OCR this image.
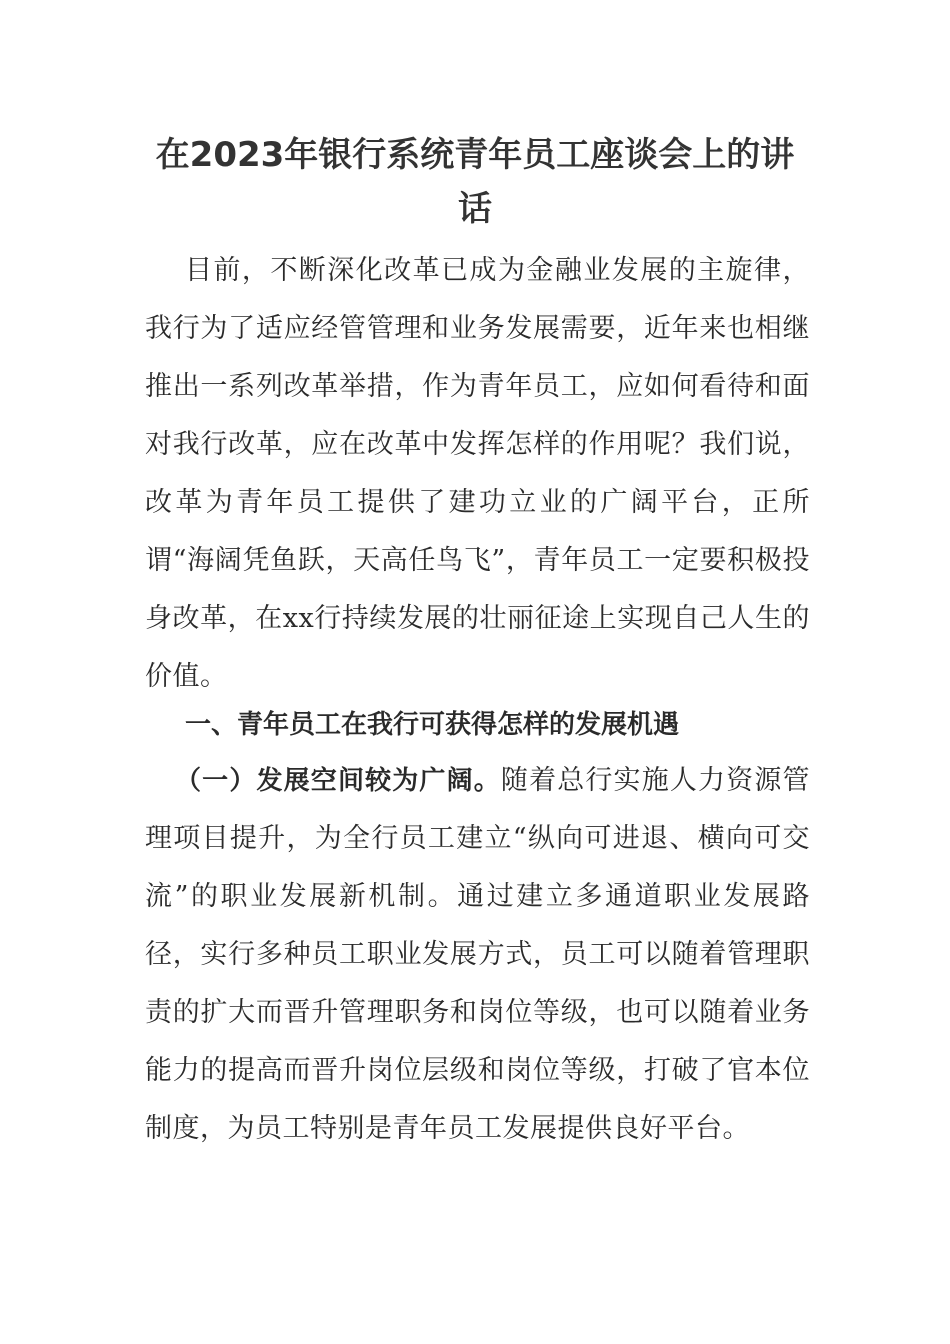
在2023年银行系统青年员工座谈会上的讲话

目前，不断深化改革已成为金融业发展的主旋律，我行为了适应经管管理和业务发展需要，近年来也相继推出一系列改革举措，作为青年员工，应如何看待和面对我行改革，应在改革中发挥怎样的作用呢？我们说，改革为青年员工提供了建功立业的广阔平台，正所谓“海阔凭鱼跃，天高任鸟飞”，青年员工一定要积极投身改革，在xx行持续发展的壮丽征途上实现自己人生的价值。

一、青年员工在我行可获得怎样的发展机遇

（一）发展空间较为广阔。随着总行实施人力资源管理项目提升，为全行员工建立“纵向可进退、横向可交流”的职业发展新机制。通过建立多通道职业发展路径，实行多种员工职业发展方式，员工可以随着管理职责的扩大而晋升管理职务和岗位等级，也可以随着业务能力的提高而晋升岗位层级和岗位等级，打破了官本位制度，为员工特别是青年员工发展提供良好平台。
